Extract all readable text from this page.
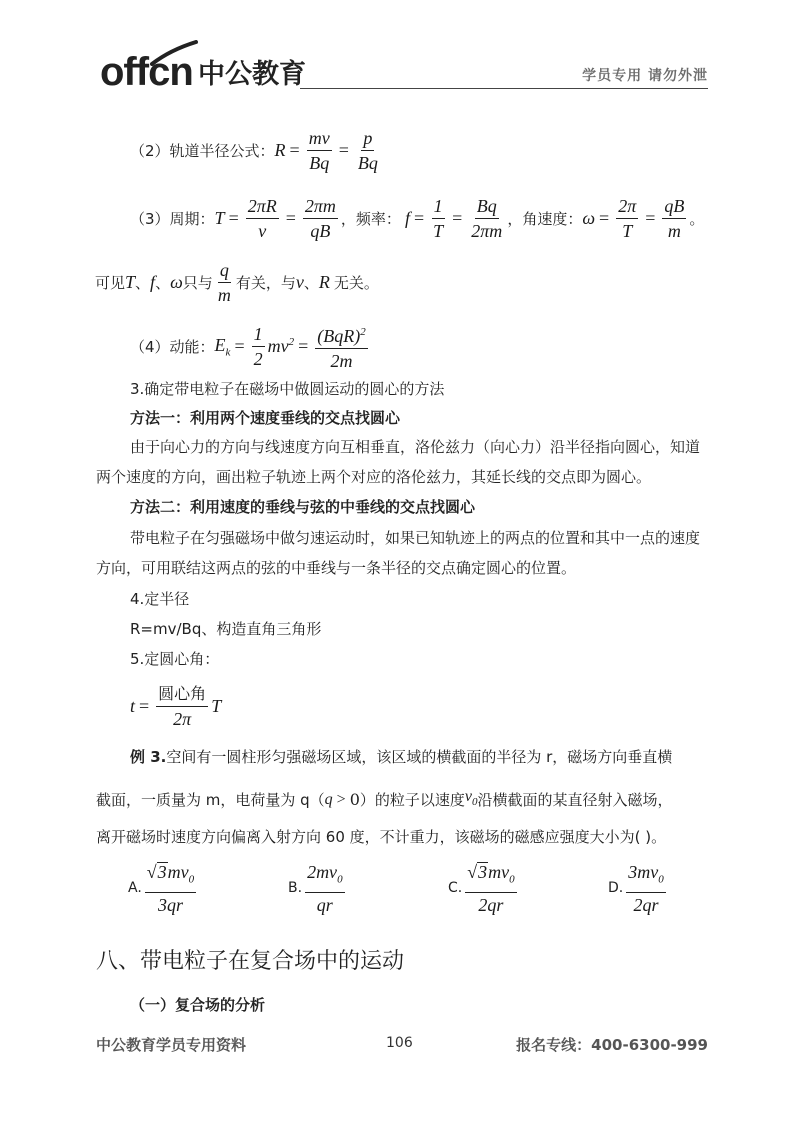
offcn 中公教育	学员专用 请勿外泄
（2）轨道半径公式： $R = \frac{mv}{Bq} = \frac{p}{Bq}$
（3）周期： $T = \frac{2\pi R}{v} = \frac{2\pi m}{qB}$ ，频率： $f = \frac{1}{T} = \frac{Bq}{2\pi m}$ ，角速度： $\omega = \frac{2\pi}{T} = \frac{qB}{m}$ 。
可见 T 、 f 、 ω 只与 $\frac{q}{m}$ 有关，与 v 、 R 无关。
（4）动能： $E_k = \frac{1}{2} mv^2 = \frac{(BqR)^2}{2m}$
3.确定带电粒子在磁场中做圆运动的圆心的方法
方法一：利用两个速度垂线的交点找圆心
由于向心力的方向与线速度方向互相垂直，洛伦兹力（向心力）沿半径指向圆心，知道两个速度的方向，画出粒子轨迹上两个对应的洛伦兹力，其延长线的交点即为圆心。
方法二：利用速度的垂线与弦的中垂线的交点找圆心
带电粒子在匀强磁场中做匀速运动时，如果已知轨迹上的两点的位置和其中一点的速度方向，可用联结这两点的弦的中垂线与一条半径的交点确定圆心的位置。
4.定半径
R=mv/Bq、构造直角三角形
5.定圆心角：
$t = \frac{\text{圆心角}}{2\pi}$ T
例 3.空间有一圆柱形匀强磁场区域，该区域的横截面的半径为 r，磁场方向垂直横
截面，一质量为 m，电荷量为 q（ q > 0 ）的粒子以速度 $v_0$ 沿横截面的某直径射入磁场，
离开磁场时速度方向偏离入射方向 60 度，不计重力，该磁场的磁感应强度大小为( )。
A. $\frac{√ 3 mv_0}{3qr}$	B. $\frac{2mv_0}{qr}$	C. $\frac{√ 3 mv_0}{2qr}$	D. $\frac{3mv_0}{2qr}$
八、带电粒子在复合场中的运动
（一）复合场的分析
中公教育学员专用资料	106	报名专线：400-6300-999
